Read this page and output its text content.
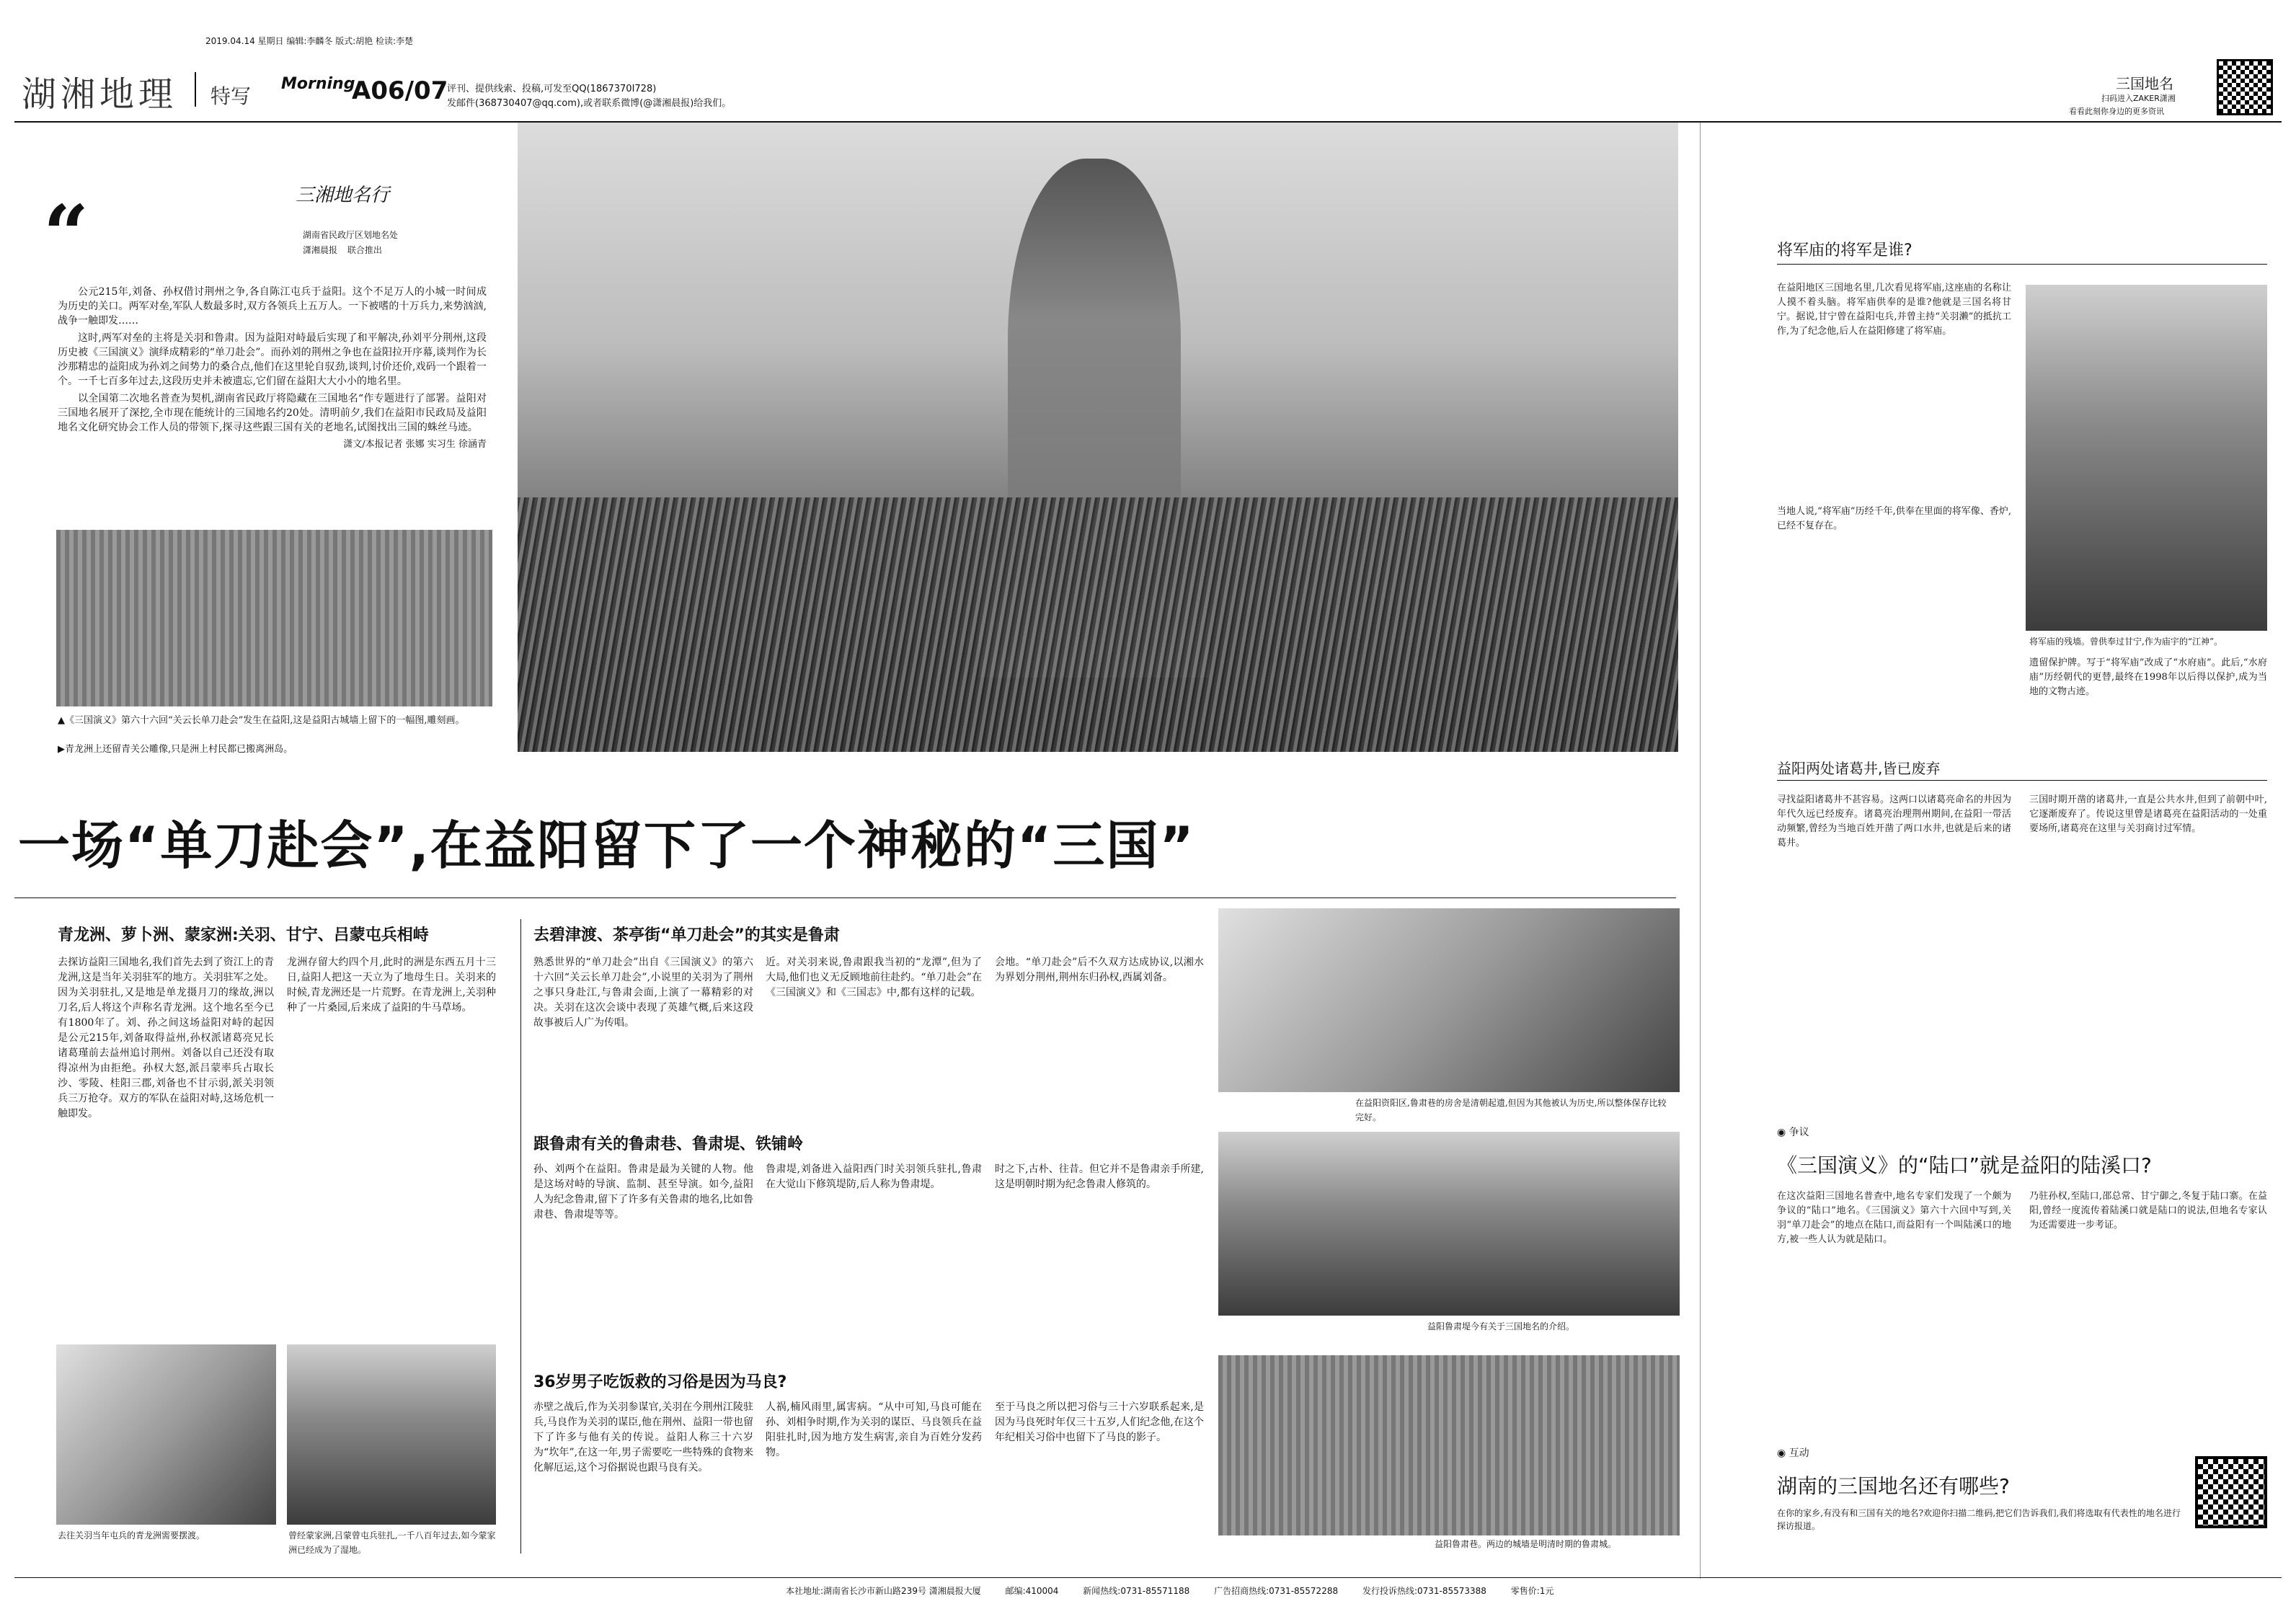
2019.04.14 星期日 编辑:李麟冬 版式:胡艳 检读:李楚
湖湘地理 特写
Morning
A06/07
评刊、提供线索、投稿,可发至QQ(1867370I728)
发邮件(368730407@qq.com),或者联系微博(@潇湘晨报)给我们。
三国地名
扫码进入ZAKER潇湘
看看此刻你身边的更多资讯
三湘地名行
湖南省民政厅区划地名处
潇湘晨报 联合推出
“

公元215年,刘备、孙权借讨荆州之争,各自陈江屯兵于益阳。这个不足万人的小城一时间成为历史的关口。两军对垒,军队人数最多时,双方各领兵上五万人。一下被嗜的十万兵力,来势汹汹,战争一触即发……

这时,两军对垒的主将是关羽和鲁肃。因为益阳对峙最后实现了和平解决,孙刘平分荆州,这段历史被《三国演义》演绎成精彩的“单刀赴会”。而孙刘的荆州之争也在益阳拉开序幕,谈判作为长沙那精忠的益阳成为孙刘之间势力的桑合点,他们在这里轮自驭劲,谈判,讨价还价,戏码一个跟着一个。一千七百多年过去,这段历史并未被遗忘,它们留在益阳大大小小的地名里。

以全国第二次地名普查为契机,湖南省民政厅将隐藏在三国地名“作专题进行了部署。益阳对三国地名展开了深挖,全市现在能统计的三国地名约20处。清明前夕,我们在益阳市民政局及益阳地名文化研究协会工作人员的带领下,探寻这些跟三国有关的老地名,试图找出三国的蛛丝马迹。

潇文/本报记者 张娜 实习生 徐涵青
▲《三国演义》第六十六回“关云长单刀赴会”发生在益阳,这是益阳古城墙上留下的一幅图,雕刻画。
▶青龙洲上还留青关公雕像,只是洲上村民都已搬离洲岛。
一场“单刀赴会”,在益阳留下了一个神秘的“三国”
青龙洲、萝卜洲、蒙家洲:关羽、甘宁、吕蒙屯兵相峙
去探访益阳三国地名,我们首先去到了资江上的青龙洲,这是当年关羽驻军的地方。关羽驻军之处。因为关羽驻扎,又是地是单龙摄月刀的缘故,洲以刀名,后人将这个声称名青龙洲。这个地名至今已有1800年了。刘、孙之间这场益阳对峙的起因是公元215年,刘备取得益州,孙权派诸葛亮兄长诸葛瑾前去益州追讨荆州。刘备以自己还没有取得凉州为由拒绝。孙权大怒,派吕蒙率兵占取长沙、零陵、桂阳三郡,刘备也不甘示弱,派关羽领兵三万抢夺。双方的军队在益阳对峙,这场危机一触即发。
龙洲存留大约四个月,此时的洲是东西五月十三日,益阳人把这一天立为了地母生日。关羽来的时候,青龙洲还是一片荒野。在青龙洲上,关羽种种了一片桑园,后来成了益阳的牛马草场。
去往关羽当年屯兵的青龙洲需要摆渡。	曾经蒙家洲,吕蒙曾屯兵驻扎,一千八百年过去,如今蒙家洲已经成为了湿地。
去碧津渡、茶亭街“单刀赴会”的其实是鲁肃
熟悉世界的“单刀赴会”出自《三国演义》的第六十六回“关云长单刀赴会”,小说里的关羽为了荆州之事只身赴江,与鲁肃会面,上演了一幕精彩的对决。关羽在这次会谈中表现了英雄气概,后来这段故事被后人广为传唱。
近。对关羽来说,鲁肃跟我当初的“龙潭”,但为了大局,他们也义无反顾地前往赴约。“单刀赴会”在《三国演义》和《三国志》中,都有这样的记载。
会地。“单刀赴会”后不久双方达成协议,以湘水为界划分荆州,荆州东归孙权,西属刘备。
跟鲁肃有关的鲁肃巷、鲁肃堤、铁铺岭
孙、刘两个在益阳。鲁肃是最为关键的人物。他是这场对峙的导演、监制、甚至导演。如今,益阳人为纪念鲁肃,留下了许多有关鲁肃的地名,比如鲁肃巷、鲁肃堤等等。
鲁肃堤,刘备进入益阳西门时关羽领兵驻扎,鲁肃在大觉山下修筑堤防,后人称为鲁肃堤。
时之下,古朴、往昔。但它并不是鲁肃亲手所建,这是明朝时期为纪念鲁肃人修筑的。
36岁男子吃饭救的习俗是因为马良?
赤壁之战后,作为关羽参谋官,关羽在今荆州江陵驻兵,马良作为关羽的谋臣,他在荆州、益阳一带也留下了许多与他有关的传说。益阳人称三十六岁为“坎年”,在这一年,男子需要吃一些特殊的食物来化解厄运,这个习俗据说也跟马良有关。
人祸,楠风雨里,属害病。“从中可知,马良可能在孙、刘相争时期,作为关羽的谋臣、马良领兵在益阳驻扎时,因为地方发生病害,亲自为百姓分发药物。
至于马良之所以把习俗与三十六岁联系起来,是因为马良死时年仅三十五岁,人们纪念他,在这个年纪相关习俗中也留下了马良的影子。
在益阳资阳区,鲁肃巷的房舍是清朝起遗,但因为其他被认为历史,所以整体保存比较完好。
益阳鲁肃堤今有关于三国地名的介绍。
益阳鲁肃巷。两边的城墙是明清时期的鲁肃城。
将军庙的将军是谁?
在益阳地区三国地名里,几次看见将军庙,这座庙的名称让人摸不着头脑。将军庙供奉的是谁?他就是三国名将甘宁。据说,甘宁曾在益阳屯兵,并曾主持“关羽濑”的抵抗工作,为了纪念他,后人在益阳修建了将军庙。
当地人说,“将军庙”历经千年,供奉在里面的将军像、香炉,已经不复存在。
将军庙的残墙。曾供奉过甘宁,作为庙宇的“江神”。
遗留保护牌。写于“将军庙”改成了“水府庙”。此后,“水府庙”历经朝代的更替,最终在1998年以后得以保护,成为当地的文物古迹。
益阳两处诸葛井,皆已废弃
寻找益阳诸葛井不甚容易。这两口以诸葛亮命名的井因为年代久远已经废弃。诸葛亮治理荆州期间,在益阳一带活动频繁,曾经为当地百姓开凿了两口水井,也就是后来的诸葛井。
三国时期开凿的诸葛井,一直是公共水井,但到了前朝中叶,它逐渐废弃了。传说这里曾是诸葛亮在益阳活动的一处重要场所,诸葛亮在这里与关羽商讨过军情。
◉ 争议
《三国演义》的“陆口”就是益阳的陆溪口?
在这次益阳三国地名普查中,地名专家们发现了一个颇为争议的“陆口”地名。《三国演义》第六十六回中写到,关羽“单刀赴会”的地点在陆口,而益阳有一个叫陆溪口的地方,被一些人认为就是陆口。
乃驻孙权,至陆口,邵总常、甘宁御之,冬复于陆口寨。在益阳,曾经一度流传着陆溪口就是陆口的说法,但地名专家认为还需要进一步考证。
◉ 互动
湖南的三国地名还有哪些?
在你的家乡,有没有和三国有关的地名?欢迎你扫描二维码,把它们告诉我们,我们将选取有代表性的地名进行探访报道。
本社地址:湖南省长沙市新山路239号 潇湘晨报大厦	邮编:410004	新闻热线:0731-85571188	广告招商热线:0731-85572288	发行投诉热线:0731-85573388	零售价:1元
